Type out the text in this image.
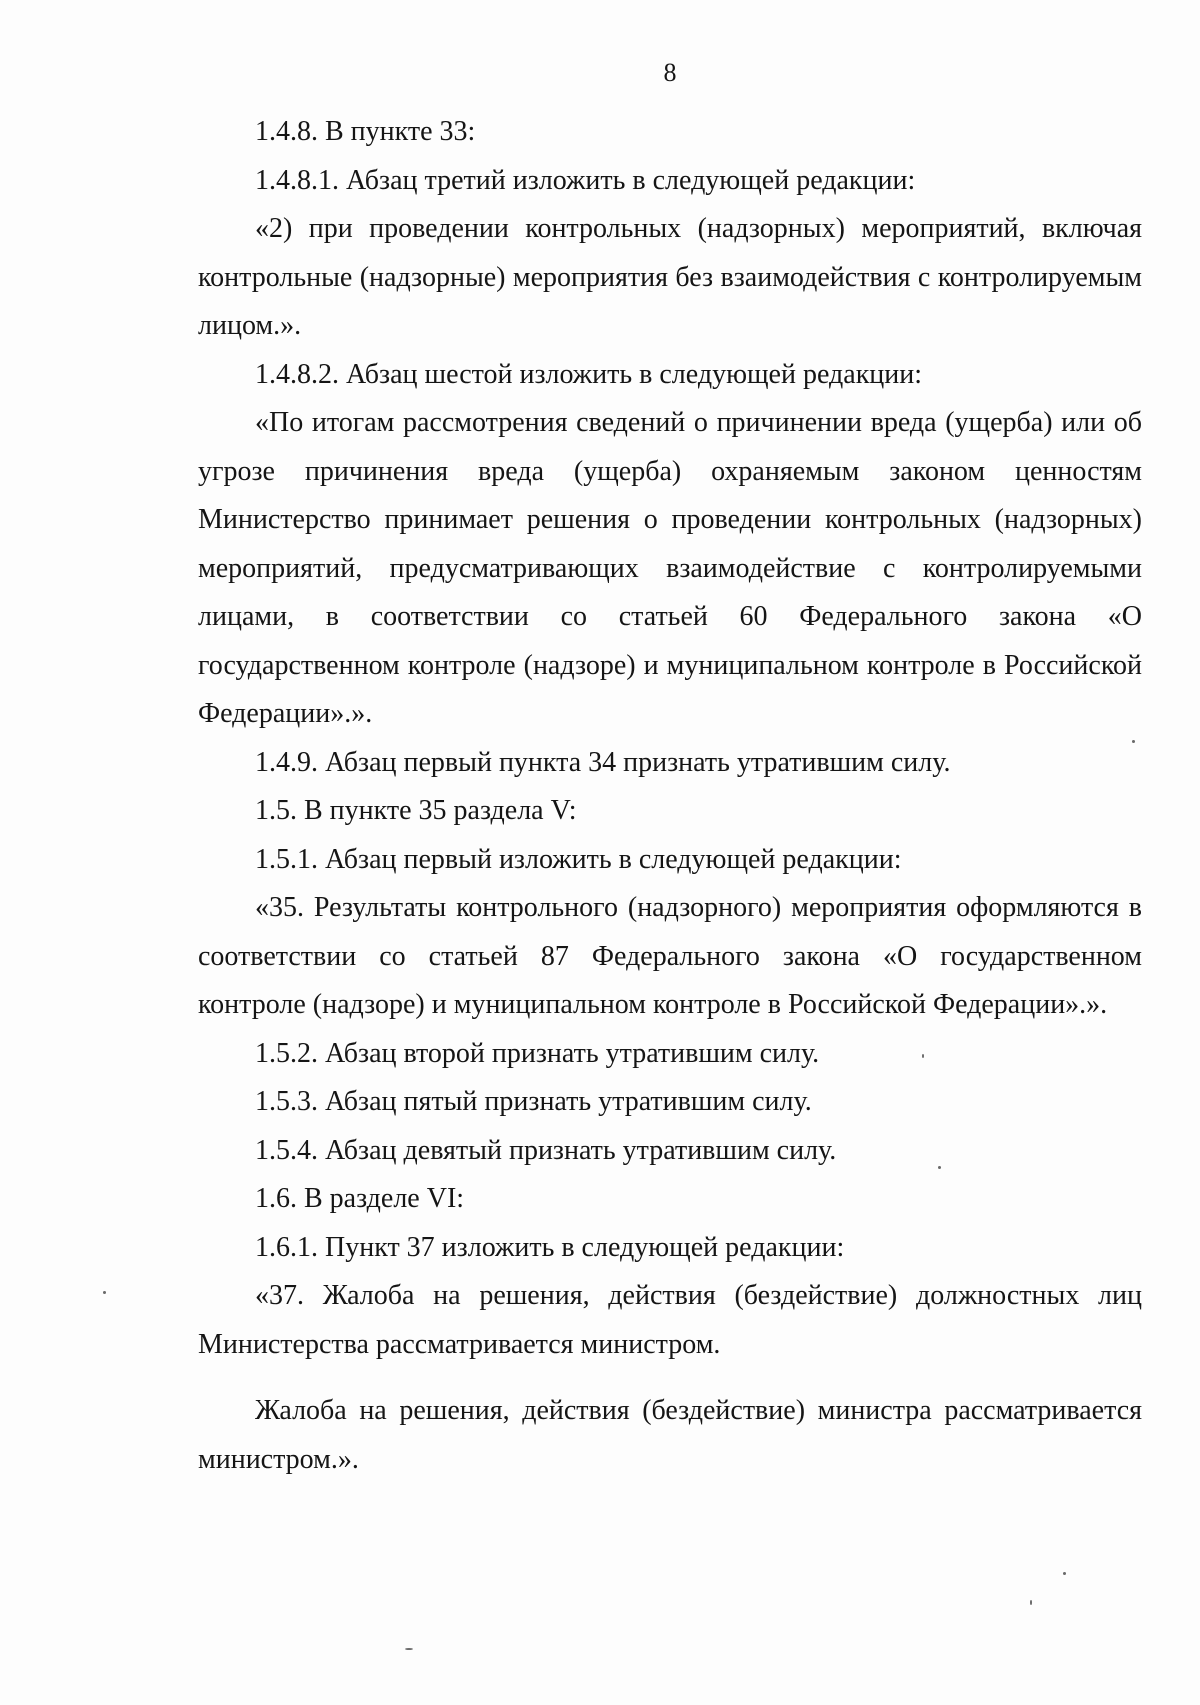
8

1.4.8. В пункте 33:

1.4.8.1. Абзац третий изложить в следующей редакции:

«2) при проведении контрольных (надзорных) мероприятий, включая контрольные (надзорные) мероприятия без взаимодействия с контролируемым лицом.».

1.4.8.2. Абзац шестой изложить в следующей редакции:

«По итогам рассмотрения сведений о причинении вреда (ущерба) или об угрозе причинения вреда (ущерба) охраняемым законом ценностям Министерство принимает решения о проведении контрольных (надзорных) мероприятий, предусматривающих взаимодействие с контролируемыми лицами, в соответствии со статьей 60 Федерального закона «О государственном контроле (надзоре) и муниципальном контроле в Российской Федерации».».

1.4.9. Абзац первый пункта 34 признать утратившим силу.

1.5. В пункте 35 раздела V:

1.5.1. Абзац первый изложить в следующей редакции:

«35. Результаты контрольного (надзорного) мероприятия оформляются в соответствии со статьей 87 Федерального закона «О государственном контроле (надзоре) и муниципальном контроле в Российской Федерации».».

1.5.2. Абзац второй признать утратившим силу.

1.5.3. Абзац пятый признать утратившим силу.

1.5.4. Абзац девятый признать утратившим силу.

1.6. В разделе VI:

1.6.1. Пункт 37 изложить в следующей редакции:

«37. Жалоба на решения, действия (бездействие) должностных лиц Министерства рассматривается министром.

Жалоба на решения, действия (бездействие) министра рассматривается министром.».
